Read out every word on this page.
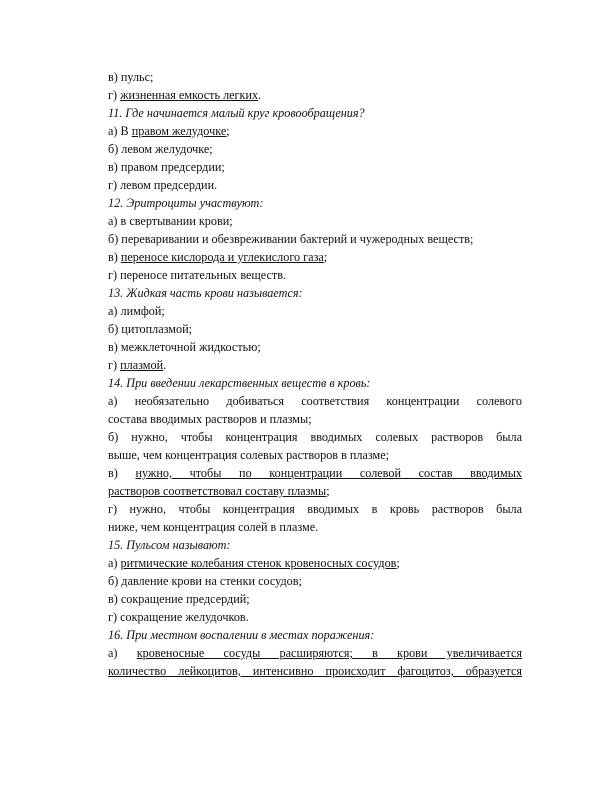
в) пульс;
г) жизненная емкость легких.
11. Где начинается малый круг кровообращения?
а) В правом желудочке;
б) левом желудочке;
в) правом предсердии;
г) левом предсердии.
12. Эритроциты участвуют:
а) в свертывании крови;
б) переваривании и обезвреживании бактерий и чужеродных веществ;
в) переносе кислорода и углекислого газа;
г) переносе питательных веществ.
13. Жидкая часть крови называется:
а) лимфой;
б) цитоплазмой;
в) межклеточной жидкостью;
г) плазмой.
14. При введении лекарственных веществ в кровь:
а) необязательно добиваться соответствия концентрации солевого
состава вводимых растворов и плазмы;
б) нужно, чтобы концентрация вводимых солевых растворов была
выше, чем концентрация солевых растворов в плазме;
в) нужно, чтобы по концентрации солевой состав вводимых
растворов соответствовал составу плазмы;
г) нужно, чтобы концентрация вводимых в кровь растворов была
ниже, чем концентрация солей в плазме.
15. Пульсом называют:
а) ритмические колебания стенок кровеносных сосудов;
б) давление крови на стенки сосудов;
в) сокращение предсердий;
г) сокращение желудочков.
16. При местном воспалении в местах поражения:
а) кровеносные сосуды расширяются; в крови увеличивается
количество лейкоцитов, интенсивно происходит фагоцитоз, образуется
